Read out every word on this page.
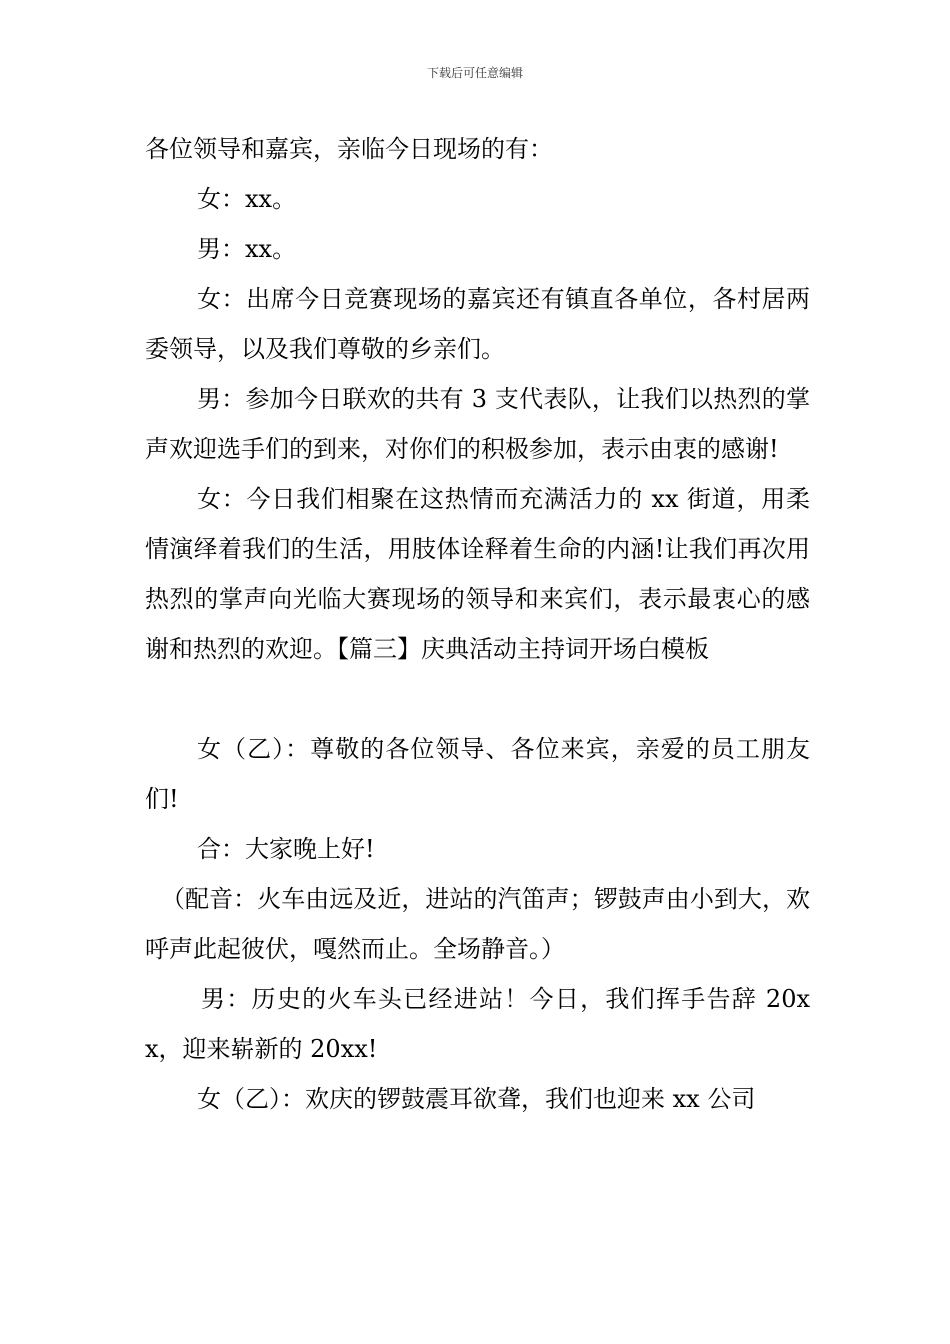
下载后可任意编辑

各位领导和嘉宾，亲临今日现场的有：

女：xx。

男：xx。

女：出席今日竞赛现场的嘉宾还有镇直各单位，各村居两委领导，以及我们尊敬的乡亲们。

男：参加今日联欢的共有 3 支代表队，让我们以热烈的掌声欢迎选手们的到来，对你们的积极参加，表示由衷的感谢!

女：今日我们相聚在这热情而充满活力的 xx 街道，用柔情演绎着我们的生活，用肢体诠释着生命的内涵!让我们再次用热烈的掌声向光临大赛现场的领导和来宾们，表示最衷心的感谢和热烈的欢迎。【篇三】庆典活动主持词开场白模板

女（乙）：尊敬的各位领导、各位来宾，亲爱的员工朋友们!

合：大家晚上好!

（配音：火车由远及近，进站的汽笛声；锣鼓声由小到大，欢呼声此起彼伏，嘎然而止。全场静音。）

男：历史的火车头已经进站！今日，我们挥手告辞 20xx，迎来崭新的 20xx!

女（乙）：欢庆的锣鼓震耳欲聋，我们也迎来 xx 公司
